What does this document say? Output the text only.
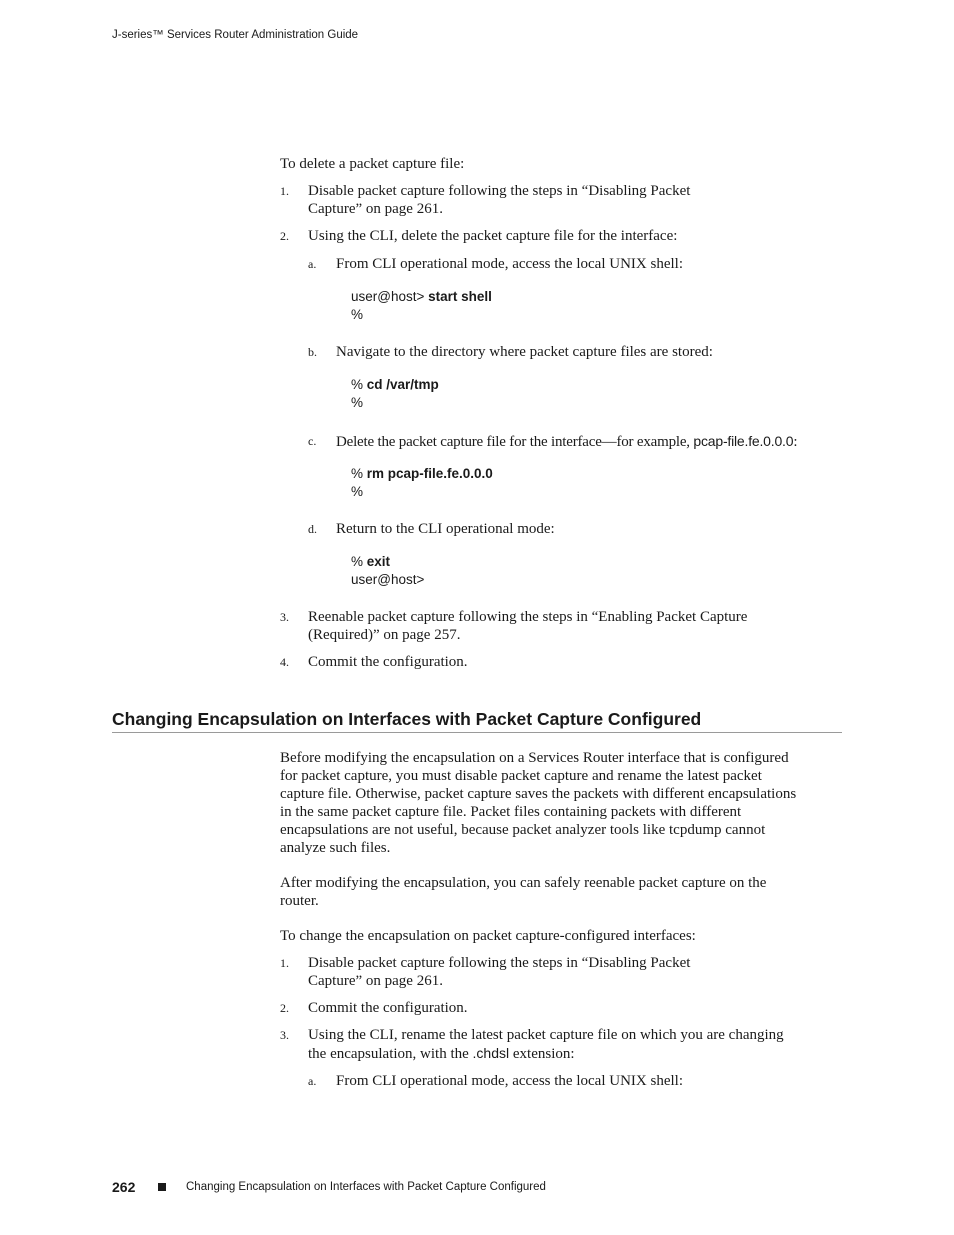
J-series™ Services Router Administration Guide
To delete a packet capture file:
1. Disable packet capture following the steps in “Disabling Packet
Capture” on page 261.
2. Using the CLI, delete the packet capture file for the interface:
a. From CLI operational mode, access the local UNIX shell:
user@host> start shell
%
b. Navigate to the directory where packet capture files are stored:
% cd /var/tmp
%
c. Delete the packet capture file for the interface—for example, pcap-file.fe.0.0.0:
% rm pcap-file.fe.0.0.0
%
d. Return to the CLI operational mode:
% exit
user@host>
3. Reenable packet capture following the steps in “Enabling Packet Capture
(Required)” on page 257.
4. Commit the configuration.
Changing Encapsulation on Interfaces with Packet Capture Configured
Before modifying the encapsulation on a Services Router interface that is configured
for packet capture, you must disable packet capture and rename the latest packet
capture file. Otherwise, packet capture saves the packets with different encapsulations
in the same packet capture file. Packet files containing packets with different
encapsulations are not useful, because packet analyzer tools like tcpdump cannot
analyze such files.
After modifying the encapsulation, you can safely reenable packet capture on the
router.
To change the encapsulation on packet capture-configured interfaces:
1. Disable packet capture following the steps in “Disabling Packet
Capture” on page 261.
2. Commit the configuration.
3. Using the CLI, rename the latest packet capture file on which you are changing
the encapsulation, with the .chdsl extension:
a. From CLI operational mode, access the local UNIX shell:
262	Changing Encapsulation on Interfaces with Packet Capture Configured
